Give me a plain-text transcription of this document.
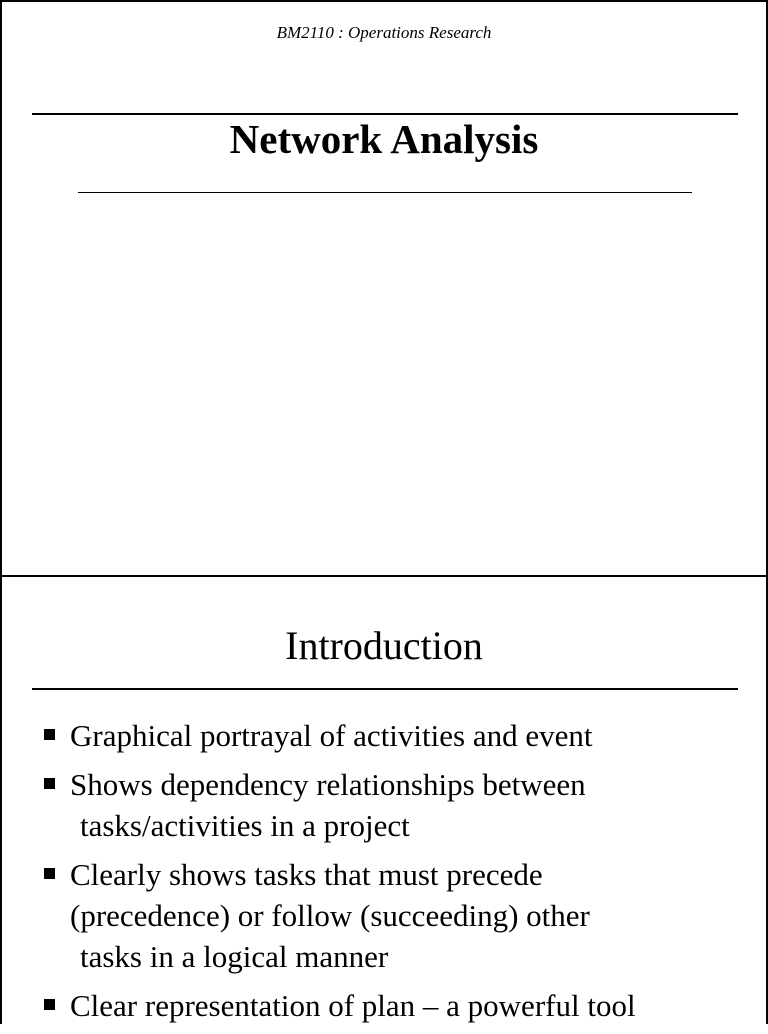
BM2110 : Operations Research
Network Analysis
Introduction
Graphical portrayal of activities and event
Shows dependency relationships between
tasks/activities in a project
Clearly shows tasks that must precede
(precedence) or follow (succeeding) other
tasks in a logical manner
Clear representation of plan – a powerful tool
